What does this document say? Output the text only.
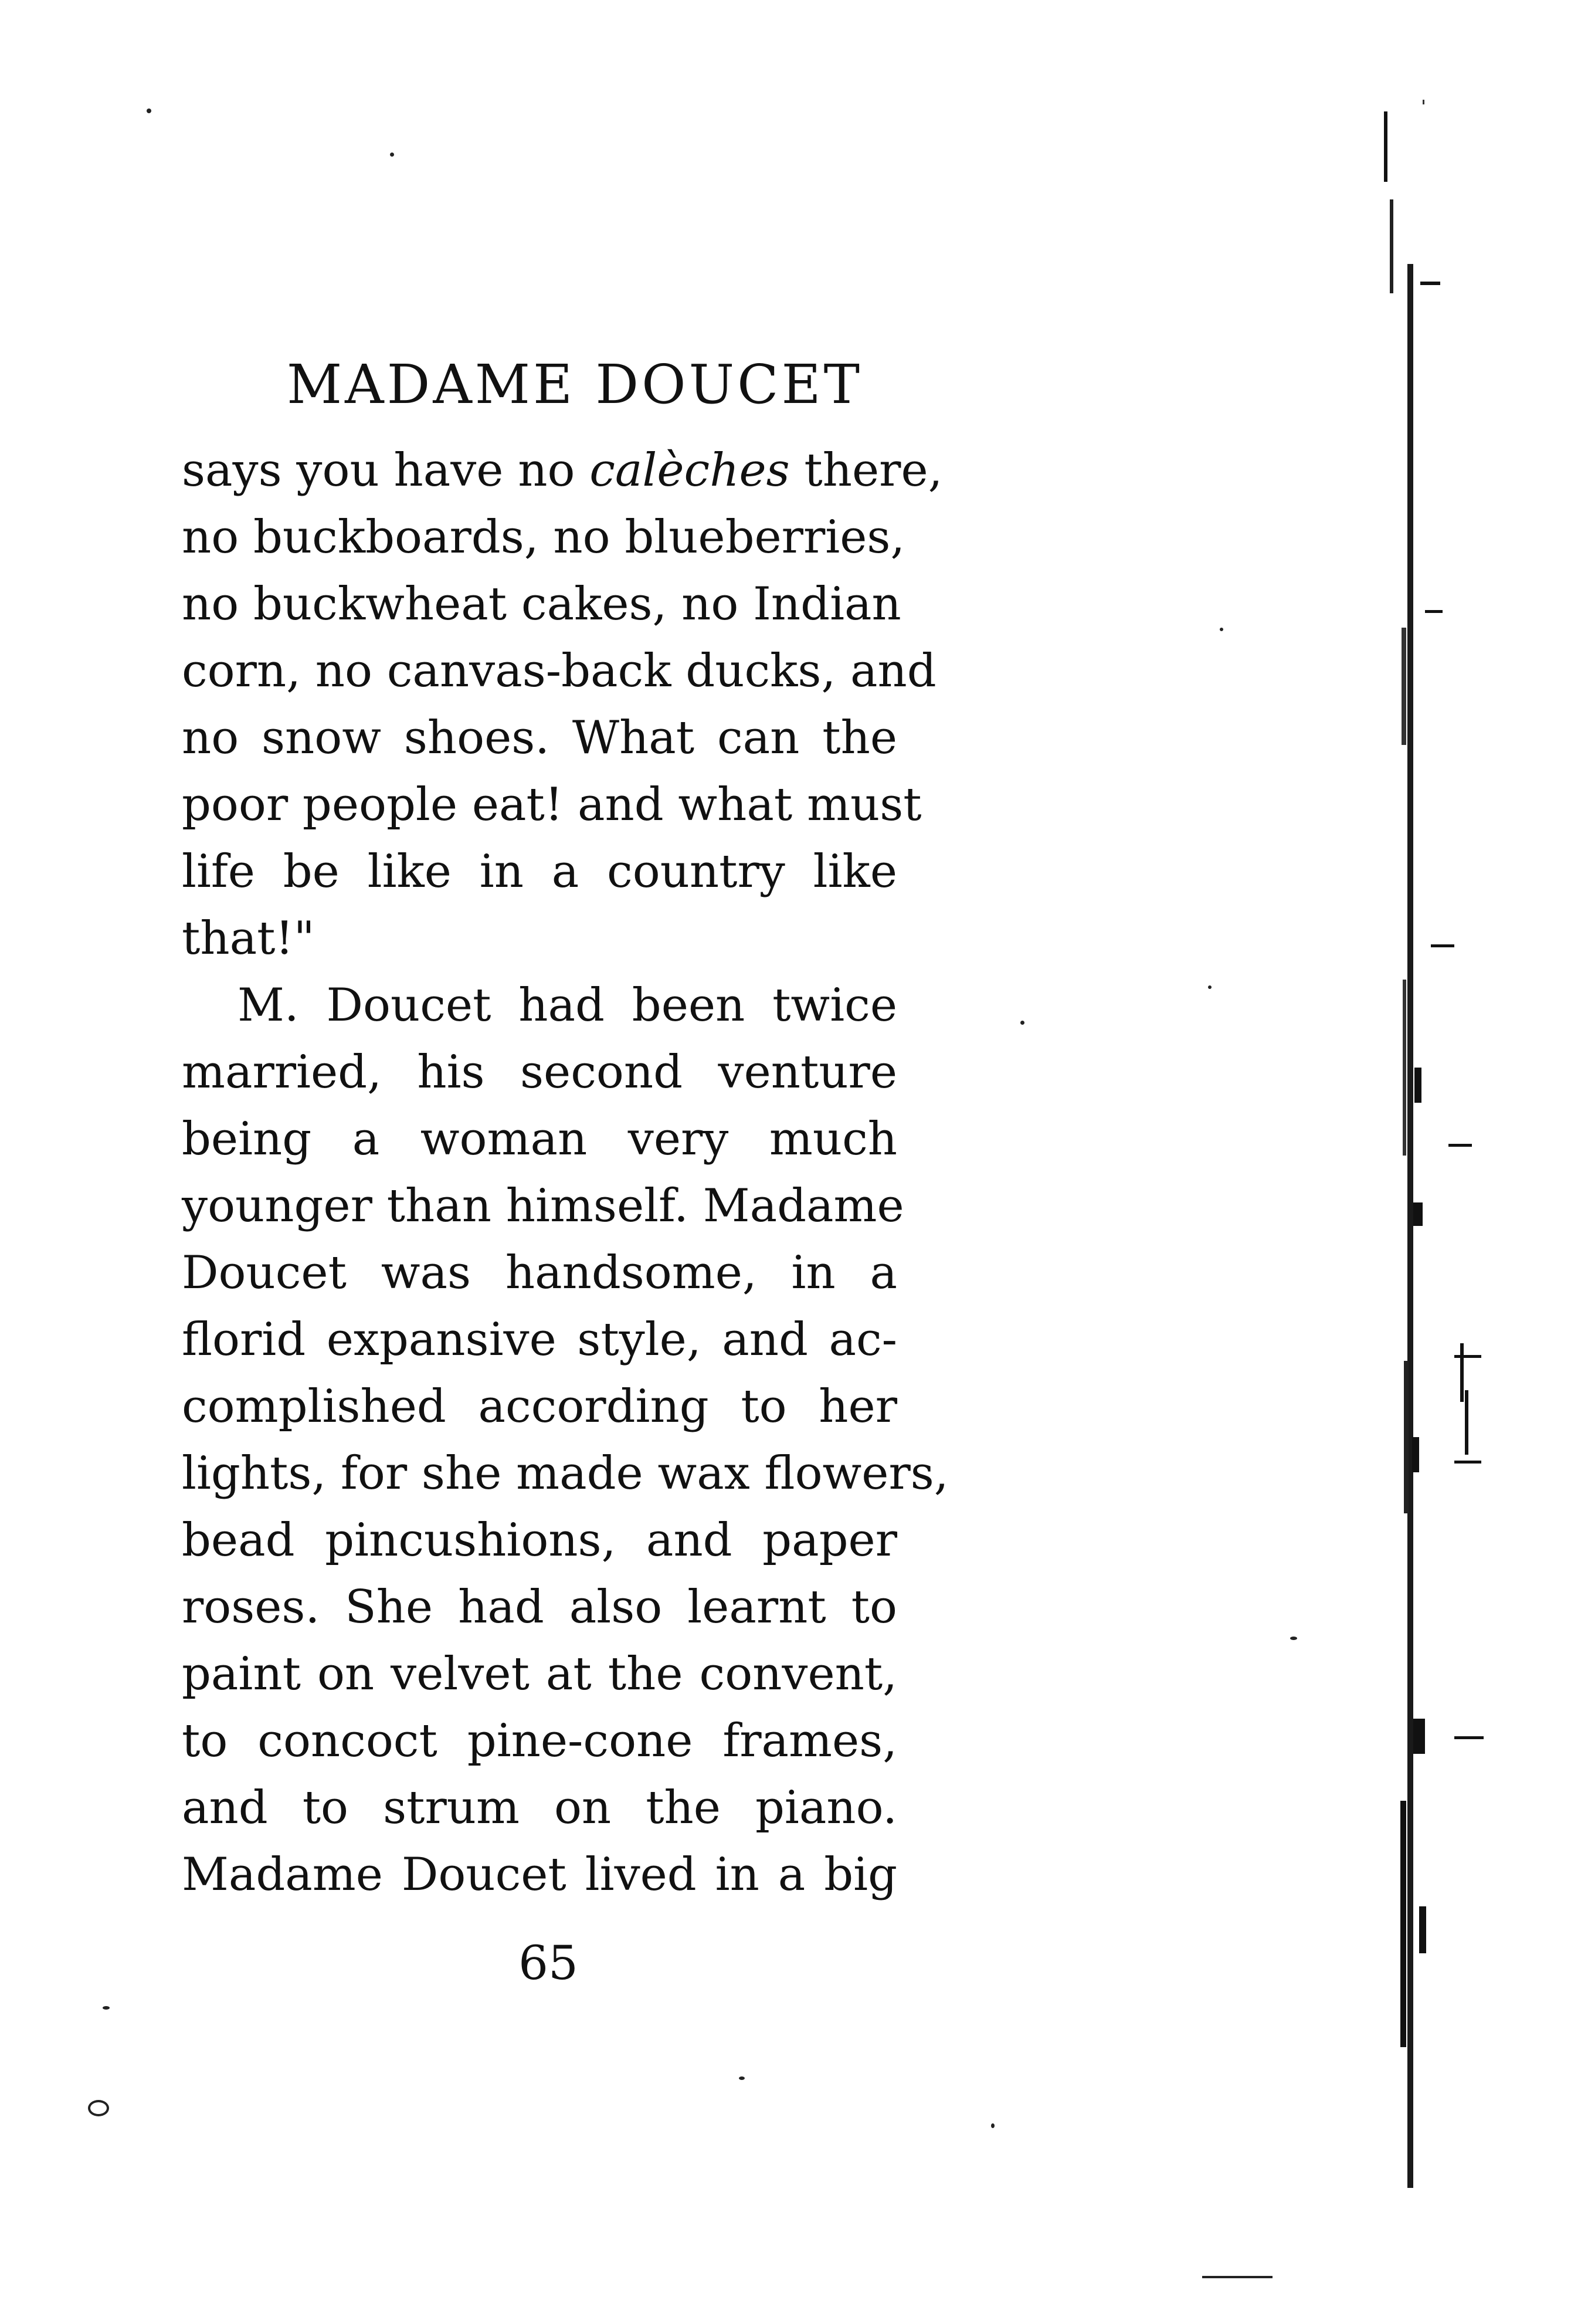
MADAME DOUCET
says you have no calèches there,
no buckboards, no blueberries,
no buckwheat cakes, no Indian
corn, no canvas-back ducks, and
no snow shoes. What can the
poor people eat! and what must
life be like in a country like
that!"
M. Doucet had been twice
married, his second venture
being a woman very much
younger than himself. Madame
Doucet was handsome, in a
florid expansive style, and ac-
complished according to her
lights, for she made wax flowers,
bead pincushions, and paper
roses. She had also learnt to
paint on velvet at the convent,
to concoct pine-cone frames,
and to strum on the piano.
Madame Doucet lived in a big
65
